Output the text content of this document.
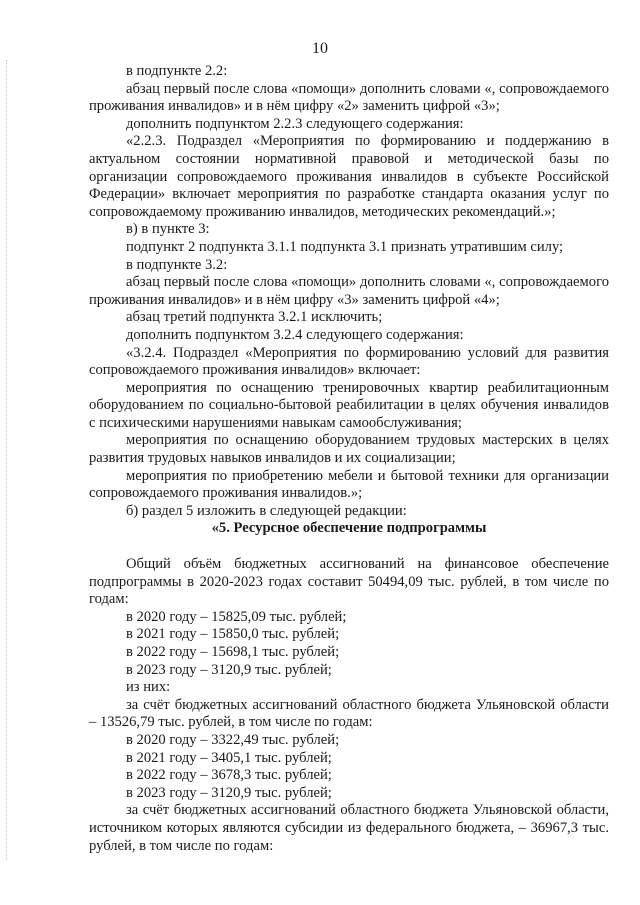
10

в подпункте 2.2:

абзац первый после слова «помощи» дополнить словами «, сопровождаемого проживания инвалидов» и в нём цифру «2» заменить цифрой «3»;

дополнить подпунктом 2.2.3 следующего содержания:

«2.2.3. Подраздел «Мероприятия по формированию и поддержанию в актуальном состоянии нормативной правовой и методической базы по организации сопровождаемого проживания инвалидов в субъекте Российской Федерации» включает мероприятия по разработке стандарта оказания услуг по сопровождаемому проживанию инвалидов, методических рекомендаций.»;

в) в пункте 3:

подпункт 2 подпункта 3.1.1 подпункта 3.1 признать утратившим силу;

в подпункте 3.2:

абзац первый после слова «помощи» дополнить словами «, сопровождаемого проживания инвалидов» и в нём цифру «3» заменить цифрой «4»;

абзац третий подпункта 3.2.1 исключить;

дополнить подпунктом 3.2.4 следующего содержания:

«3.2.4. Подраздел «Мероприятия по формированию условий для развития сопровождаемого проживания инвалидов» включает:

мероприятия по оснащению тренировочных квартир реабилитационным оборудованием по социально-бытовой реабилитации в целях обучения инвалидов с психическими нарушениями навыкам самообслуживания;

мероприятия по оснащению оборудованием трудовых мастерских в целях развития трудовых навыков инвалидов и их социализации;

мероприятия по приобретению мебели и бытовой техники для организации сопровождаемого проживания инвалидов.»;

б) раздел 5 изложить в следующей редакции:

«5. Ресурсное обеспечение подпрограммы

Общий объём бюджетных ассигнований на финансовое обеспечение подпрограммы в 2020-2023 годах составит 50494,09 тыс. рублей, в том числе по годам:

в 2020 году – 15825,09 тыс. рублей;

в 2021 году – 15850,0 тыс. рублей;

в 2022 году – 15698,1 тыс. рублей;

в 2023 году – 3120,9 тыс. рублей;

из них:

за счёт бюджетных ассигнований областного бюджета Ульяновской области – 13526,79 тыс. рублей, в том числе по годам:

в 2020 году – 3322,49 тыс. рублей;

в 2021 году – 3405,1 тыс. рублей;

в 2022 году – 3678,3 тыс. рублей;

в 2023 году – 3120,9 тыс. рублей;

за счёт бюджетных ассигнований областного бюджета Ульяновской области, источником которых являются субсидии из федерального бюджета, – 36967,3 тыс. рублей, в том числе по годам:
